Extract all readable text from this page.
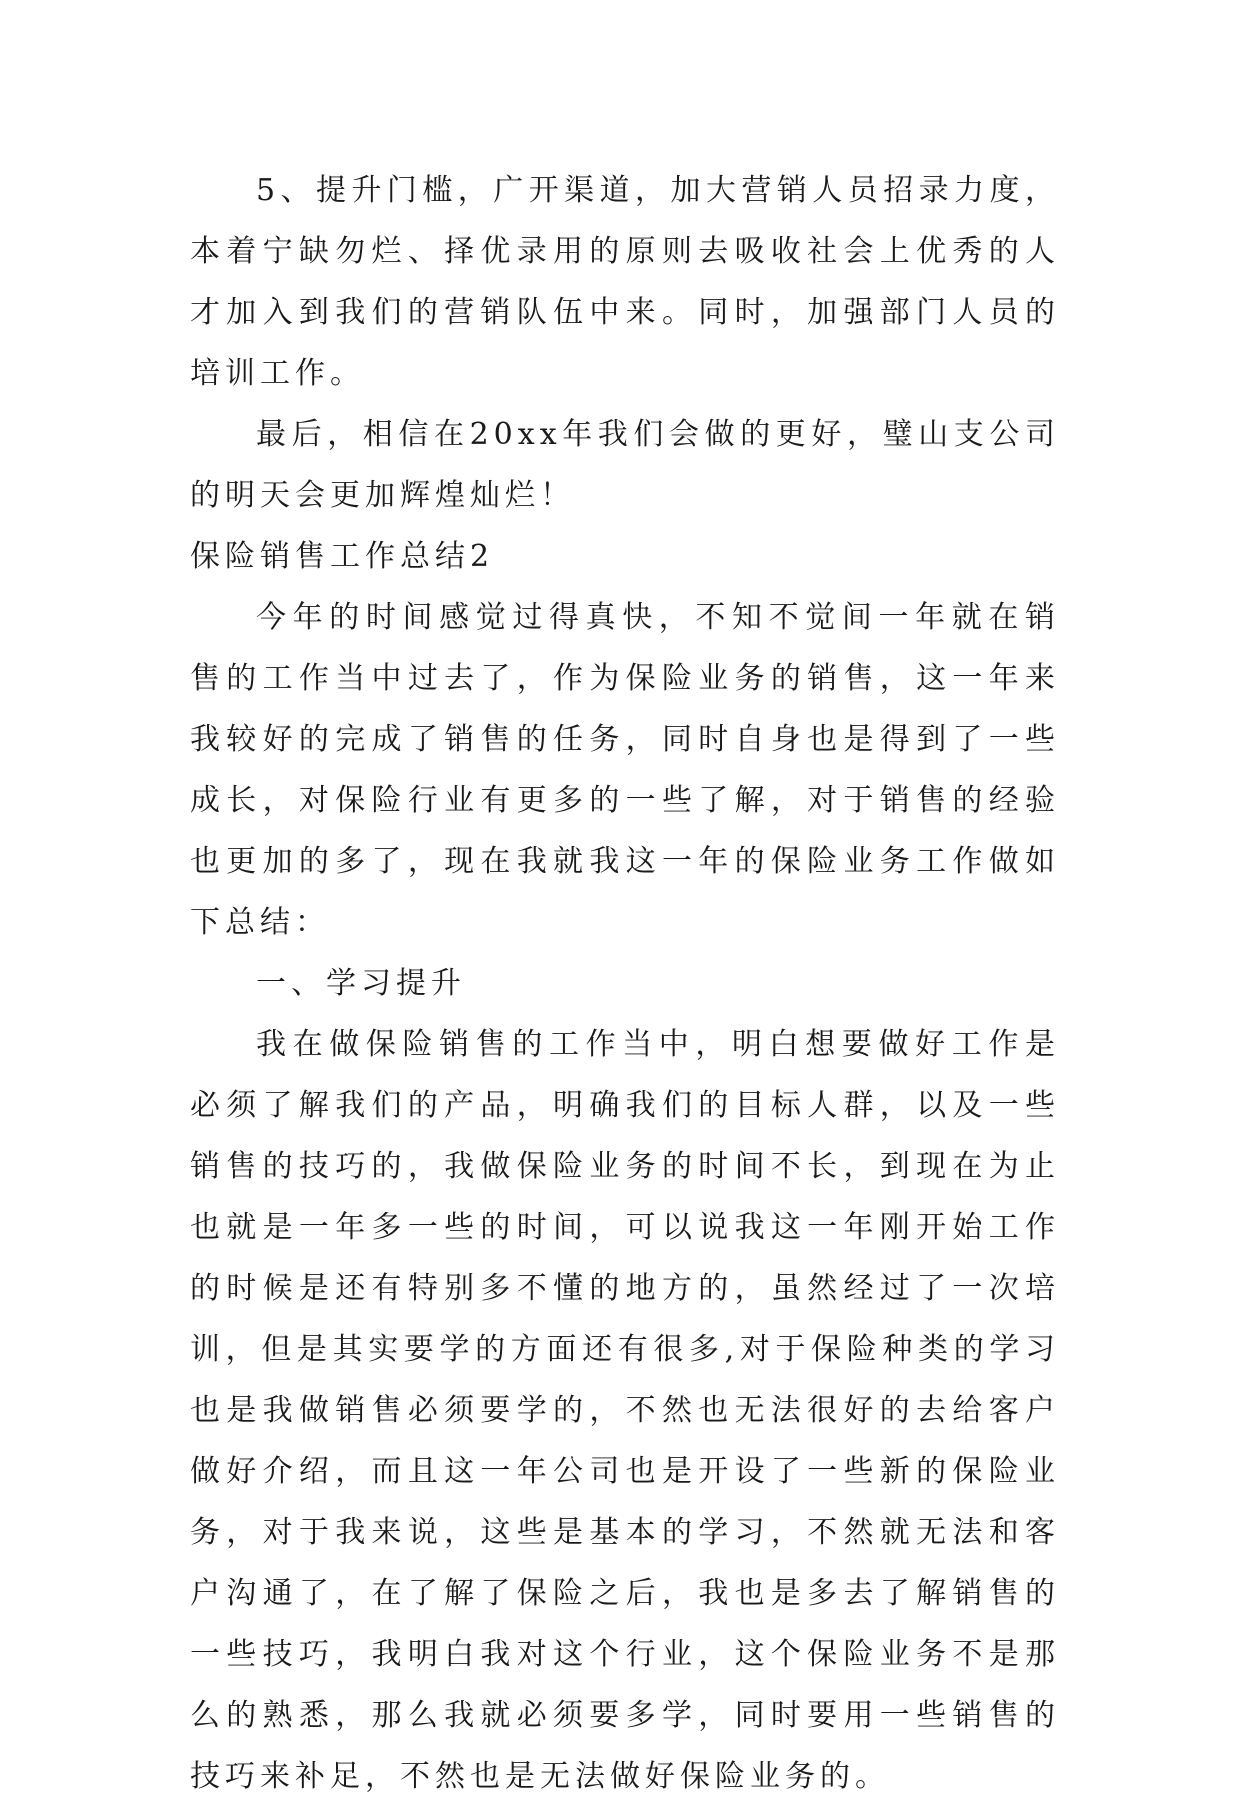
5、提升门槛，广开渠道，加大营销人员招录力度，本着宁缺勿烂、择优录用的原则去吸收社会上优秀的人才加入到我们的营销队伍中来。同时，加强部门人员的培训工作。

最后，相信在20xx年我们会做的更好，璧山支公司的明天会更加辉煌灿烂！

保险销售工作总结2

今年的时间感觉过得真快，不知不觉间一年就在销售的工作当中过去了，作为保险业务的销售，这一年来我较好的完成了销售的任务，同时自身也是得到了一些成长，对保险行业有更多的一些了解，对于销售的经验也更加的多了，现在我就我这一年的保险业务工作做如下总结：

一、学习提升

我在做保险销售的工作当中，明白想要做好工作是必须了解我们的产品，明确我们的目标人群，以及一些销售的技巧的，我做保险业务的时间不长，到现在为止也就是一年多一些的时间，可以说我这一年刚开始工作的时候是还有特别多不懂的地方的，虽然经过了一次培训，但是其实要学的方面还有很多,对于保险种类的学习也是我做销售必须要学的，不然也无法很好的去给客户做好介绍，而且这一年公司也是开设了一些新的保险业务，对于我来说，这些是基本的学习，不然就无法和客户沟通了，在了解了保险之后，我也是多去了解销售的一些技巧，我明白我对这个行业，这个保险业务不是那么的熟悉，那么我就必须要多学，同时要用一些销售的技巧来补足，不然也是无法做好保险业务的。
